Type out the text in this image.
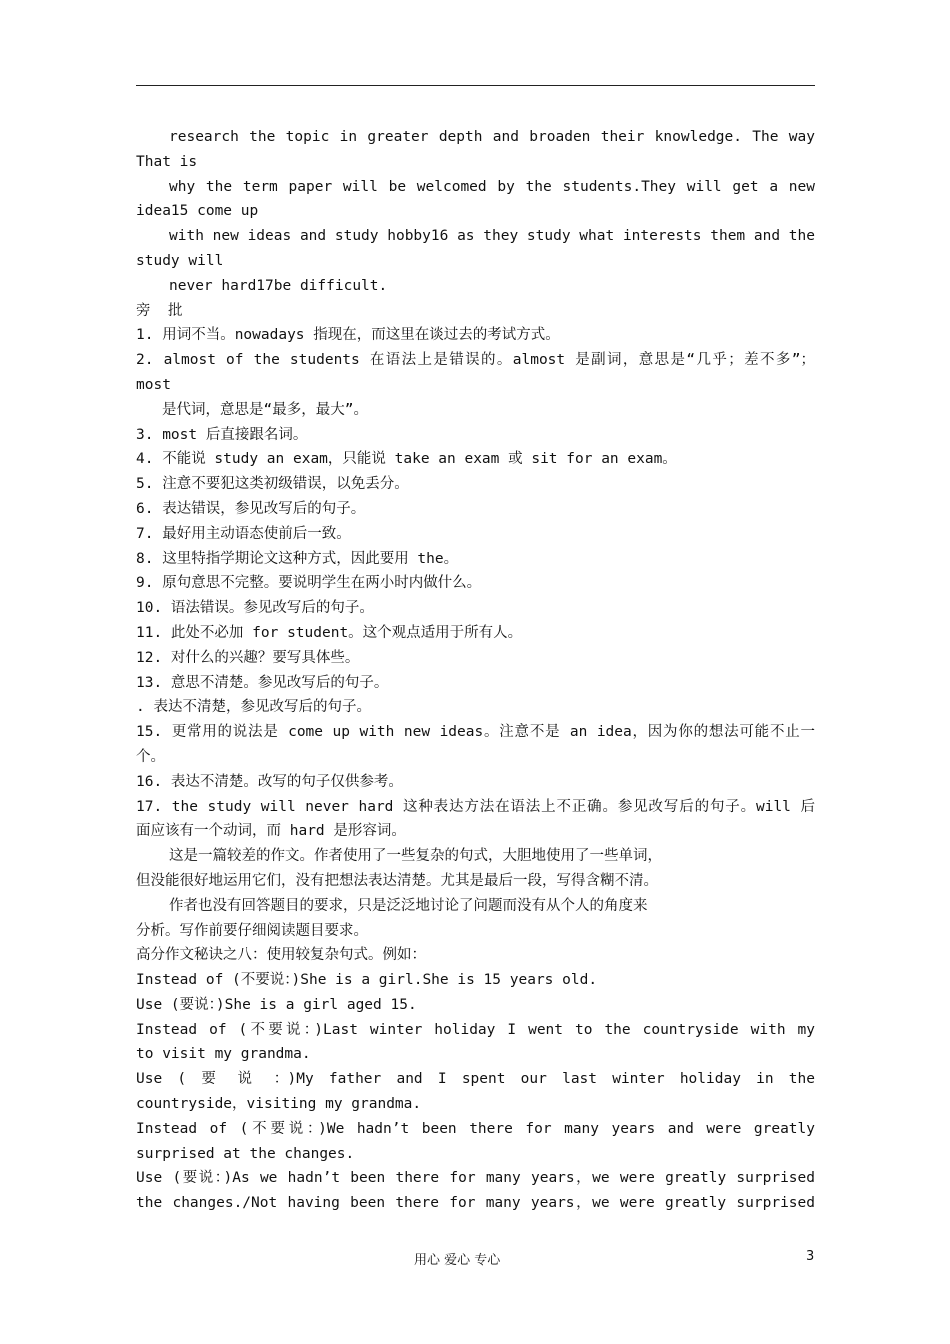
research the topic in greater depth and broaden their knowledge. The way
That is
why the term paper will be welcomed by the students.They will get a new
idea15 come up
with new ideas and study hobby16 as they study what interests them and the
study will
never hard17be difficult.
旁  批
1. 用词不当。nowadays 指现在，而这里在谈过去的考试方式。
2. almost of the students 在语法上是错误的。almost 是副词，意思是“几乎；差不多”；
most
是代词，意思是“最多，最大”。
3. most 后直接跟名词。
4. 不能说 study an exam，只能说 take an exam 或 sit for an exam。
5. 注意不要犯这类初级错误，以免丢分。
6. 表达错误，参见改写后的句子。
7. 最好用主动语态使前后一致。
8. 这里特指学期论文这种方式，因此要用 the。
9. 原句意思不完整。要说明学生在两小时内做什么。
10. 语法错误。参见改写后的句子。
11. 此处不必加 for student。这个观点适用于所有人。
12. 对什么的兴趣？要写具体些。
13. 意思不清楚。参见改写后的句子。
. 表达不清楚，参见改写后的句子。
15. 更常用的说法是 come up with new ideas。注意不是 an idea，因为你的想法可能不止一
个。
16. 表达不清楚。改写的句子仅供参考。
17. the study will never hard 这种表达方法在语法上不正确。参见改写后的句子。will 后
面应该有一个动词，而 hard 是形容词。
这是一篇较差的作文。作者使用了一些复杂的句式，大胆地使用了一些单词，
但没能很好地运用它们，没有把想法表达清楚。尤其是最后一段，写得含糊不清。
作者也没有回答题目的要求，只是泛泛地讨论了问题而没有从个人的角度来
分析。写作前要仔细阅读题目要求。
高分作文秘诀之八：使用较复杂句式。例如：
Instead of (不要说：)She is a girl.She is 15 years old.
Use (要说：)She is a girl aged 15.
Instead of (不要说：)Last winter holiday I went to the countryside with my
to visit my grandma.
Use ( 要 说 ：)My father and I spent our last winter holiday in the
countryside，visiting my grandma.
Instead of (不要说：)We hadn’t been there for many years and were greatly
surprised at the changes.
Use (要说：)As we hadn’t been there for many years，we were greatly surprised
the changes./Not having been there for many years，we were greatly surprised
用心 爱心 专心	3
